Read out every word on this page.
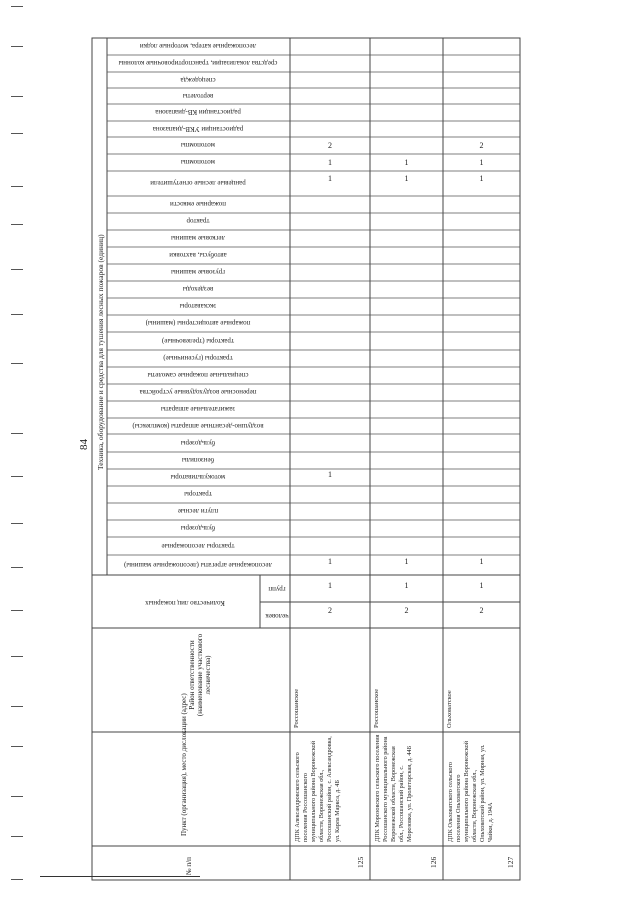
84 Техника, оборудование и средства для тушения лесных пожаров (единиц)
лесопожарные катера, моторные лодки
средства локализации, транспортировочные колонны
спецодежда
вертолеты
радиостанции КВ-диапазона
радиостанции УКВ-диапазона
мотопомпы
мотопомпы
ранцевые лесные огнетушители
пожарные емкости
трактор
легковые машины
автобусы, вахтовки
грузовые машины
вездеходы
экскаваторы
пожарные автоцистерны (машины)
тракторы (трелевочные)
тракторы (гусеничные)
специальные пожарные самолеты
переносные воздуходувные устройства
зажигательные аппараты
воздушно-десантные аппараты (комплексы)
бульдозеры
бензопилы
мотокультиваторы
тракторы
плуги лесные
бульдозеры
тракторы лесопожарные
лесопожарные агрегаты (лесопожарные машины)
Количество лиц пожарных
человек
групп
Район ответственности (наименование участкового лесничества)
Пункт (организация), место дислокации (адрес)
№ п/п	125
ДПК Александровского сельского поселения Россошанского муниципального района Воронежской области, Воронежская обл., Россошанский район, с. Александровка, ул. Карла Маркса, д. 4Б
Россошанское
2
1
1
1
1
1
2
126
ДПК Морозовского сельского поселения Россошанского муниципального района Воронежской области, Воронежская обл., Россошанский район, с. Морозовка, ул. Пролетарская, д. 44Б
Россошанское
2
1
1
1
1
127
ДПК Ольховатского сельского поселения Ольховатского муниципального района Воронежской области, Воронежская обл., Ольховатский район, ул. Мирная, ул. Чайки, д. 194А
Ольховатское
2
1
1
1
1
2
